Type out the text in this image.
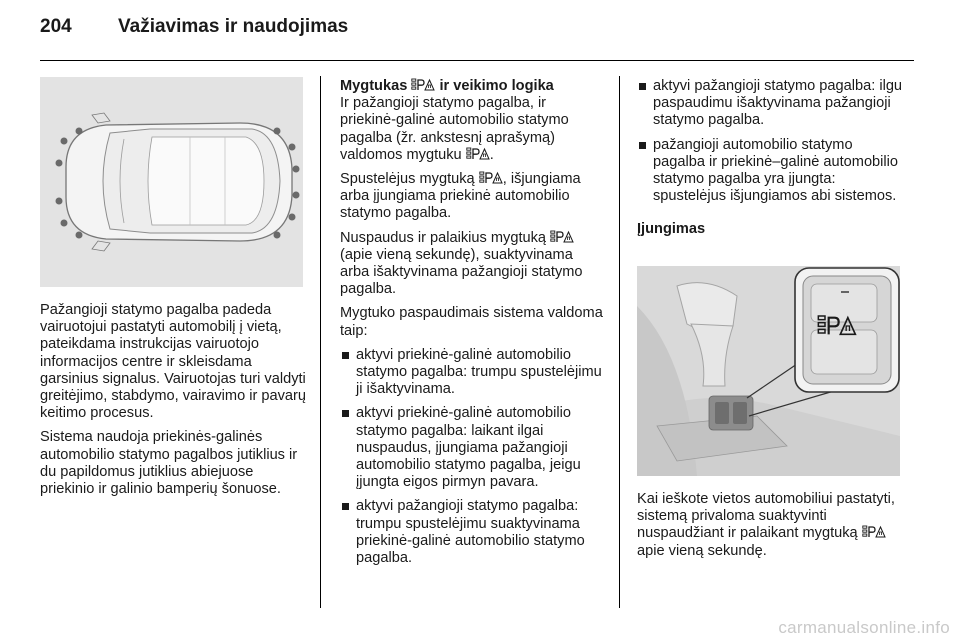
204 Važiavimas ir naudojimas

Pažangioji statymo pagalba padeda vairuotojui pastatyti automobilį į vietą, pateikdama instrukcijas vairuotojo informacijos centre ir skleisdama garsinius signalus. Vairuotojas turi valdyti greitėjimo, stabdymo, vairavimo ir pavarų keitimo procesus.

Sistema naudoja priekinės-galinės automobilio statymo pagalbos jutiklius ir du papildomus jutiklius abiejuose priekinio ir galinio bamperių šonuose.

Mygtukas ir veikimo logika

Ir pažangioji statymo pagalba, ir priekinė-galinė automobilio statymo pagalba (žr. ankstesnį aprašymą) valdomos mygtuku .

Spustelėjus mygtuką , išjungiama arba įjungiama priekinė automobilio statymo pagalba.

Nuspaudus ir palaikius mygtuką  (apie vieną sekundę), suaktyvinama arba išaktyvinama pažangioji statymo pagalba.

Mygtuko paspaudimais sistema valdoma taip:

aktyvi priekinė-galinė automobilio statymo pagalba: trumpu spustelėjimu ji išaktyvinama.
aktyvi priekinė-galinė automobilio statymo pagalba: laikant ilgai nuspaudus, įjungiama pažangioji automobilio statymo pagalba, jeigu įjungta eigos pirmyn pavara.
aktyvi pažangioji statymo pagalba: trumpu spustelėjimu suaktyvinama priekinė-galinė automobilio statymo pagalba.
aktyvi pažangioji statymo pagalba: ilgu paspaudimu išaktyvinama pažangioji statymo pagalba.
pažangioji automobilio statymo pagalba ir priekinė–galinė automobilio statymo pagalba yra įjungta: spustelėjus išjungiamos abi sistemos.

Įjungimas

Kai ieškote vietos automobiliui pastatyti, sistemą privaloma suaktyvinti nuspaudžiant ir palaikant mygtuką  apie vieną sekundę.

carmanualsonline.info
